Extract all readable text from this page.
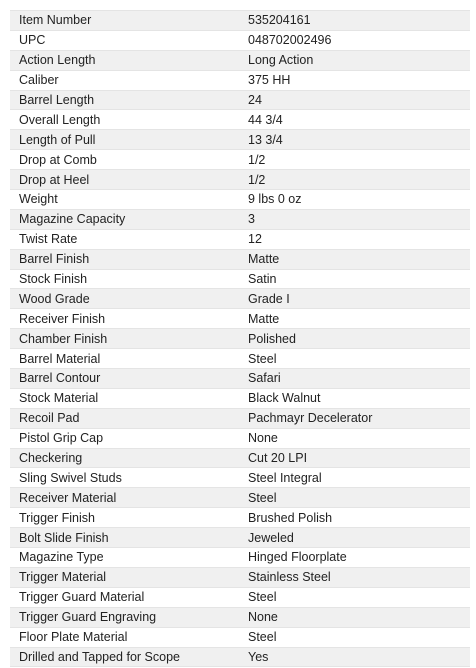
Item Number	535204161
UPC	048702002496
Action Length	Long Action
Caliber	375 HH
Barrel Length	24
Overall Length	44 3/4
Length of Pull	13 3/4
Drop at Comb	1/2
Drop at Heel	1/2
Weight	9 lbs 0 oz
Magazine Capacity	3
Twist Rate	12
Barrel Finish	Matte
Stock Finish	Satin
Wood Grade	Grade I
Receiver Finish	Matte
Chamber Finish	Polished
Barrel Material	Steel
Barrel Contour	Safari
Stock Material	Black Walnut
Recoil Pad	Pachmayr Decelerator
Pistol Grip Cap	None
Checkering	Cut 20 LPI
Sling Swivel Studs	Steel Integral
Receiver Material	Steel
Trigger Finish	Brushed Polish
Bolt Slide Finish	Jeweled
Magazine Type	Hinged Floorplate
Trigger Material	Stainless Steel
Trigger Guard Material	Steel
Trigger Guard Engraving	None
Floor Plate Material	Steel
Drilled and Tapped for Scope	Yes
